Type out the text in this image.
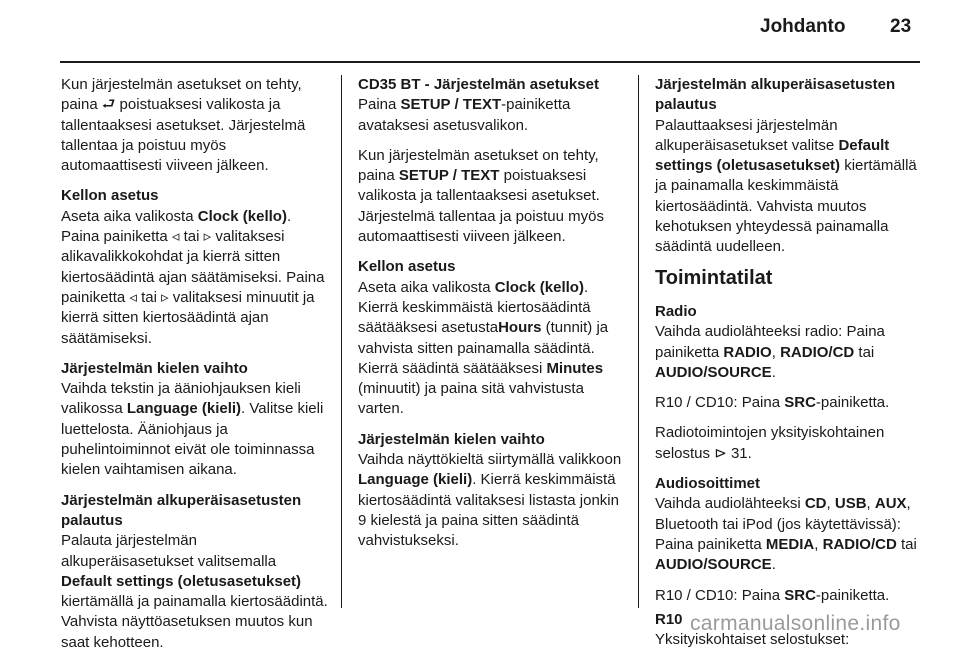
Johdanto 23

Kun järjestelmän asetukset on tehty, paina ⮐ poistuaksesi valikosta ja tallentaaksesi asetukset. Järjestelmä tallentaa ja poistuu myös automaattisesti viiveen jälkeen.

Kellon asetus

Aseta aika valikosta Clock (kello). Paina painiketta ◃ tai ▹ valitaksesi alikavalikkokohdat ja kierrä sitten kiertosäädintä ajan säätämiseksi. Paina painiketta ◃ tai ▹ valitaksesi minuutit ja kierrä sitten kiertosäädintä ajan säätämiseksi.

Järjestelmän kielen vaihto

Vaihda tekstin ja ääniohjauksen kieli valikossa Language (kieli). Valitse kieli luettelosta. Ääniohjaus ja puhelintoiminnot eivät ole toiminnassa kielen vaihtamisen aikana.

Järjestelmän alkuperäisasetusten palautus

Palauta järjestelmän alkuperäisasetukset valitsemalla Default settings (oletusasetukset) kiertämällä ja painamalla kiertosäädintä. Vahvista näyttöasetuksen muutos kun saat kehotteen.

CD35 BT - Järjestelmän asetukset

Paina SETUP / TEXT-painiketta avataksesi asetusvalikon.

Kun järjestelmän asetukset on tehty, paina SETUP / TEXT poistuaksesi valikosta ja tallentaaksesi asetukset. Järjestelmä tallentaa ja poistuu myös automaattisesti viiveen jälkeen.

Kellon asetus

Aseta aika valikosta Clock (kello). Kierrä keskimmäistä kiertosäädintä säätääksesi asetustaHours (tunnit) ja vahvista sitten painamalla säädintä. Kierrä säädintä säätääksesi Minutes (minuutit) ja paina sitä vahvistusta varten.

Järjestelmän kielen vaihto

Vaihda näyttökieltä siirtymällä valikkoon Language (kieli). Kierrä keskimmäistä kiertosäädintä valitaksesi listasta jonkin 9 kielestä ja paina sitten säädintä vahvistukseksi.

Järjestelmän alkuperäisasetusten palautus

Palauttaaksesi järjestelmän alkuperäisasetukset valitse Default settings (oletusasetukset) kiertämällä ja painamalla keskimmäistä kiertosäädintä. Vahvista muutos kehotuksen yhteydessä painamalla säädintä uudelleen.

Toimintatilat
Radio

Vaihda audiolähteeksi radio: Paina painiketta RADIO, RADIO/CD tai AUDIO/SOURCE.

R10 / CD10: Paina SRC-painiketta.

Radiotoimintojen yksityiskohtainen selostus ⊳ 31.

Audiosoittimet

Vaihda audiolähteeksi CD, USB, AUX, Bluetooth tai iPod (jos käytettävissä): Paina painiketta MEDIA, RADIO/CD tai AUDIO/SOURCE.

R10 / CD10: Paina SRC-painiketta.

R10
Yksityiskohtaiset selostukset:
carmanualsonline.info
